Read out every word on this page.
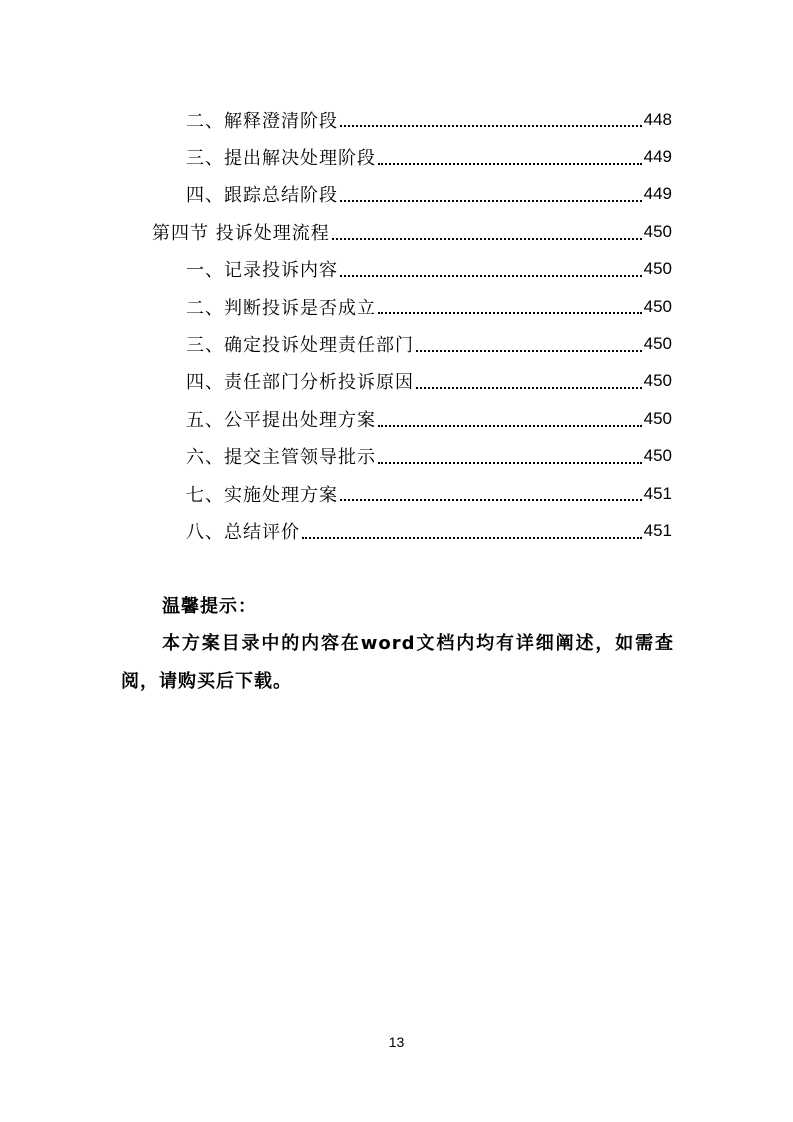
二、解释澄清阶段	448
三、提出解决处理阶段	449
四、跟踪总结阶段	449
第四节 投诉处理流程	450
一、记录投诉内容	450
二、判断投诉是否成立	450
三、确定投诉处理责任部门	450
四、责任部门分析投诉原因	450
五、公平提出处理方案	450
六、提交主管领导批示	450
七、实施处理方案	451
八、总结评价	451
温馨提示：
本方案目录中的内容在word文档内均有详细阐述，如需查阅，请购买后下载。
13
